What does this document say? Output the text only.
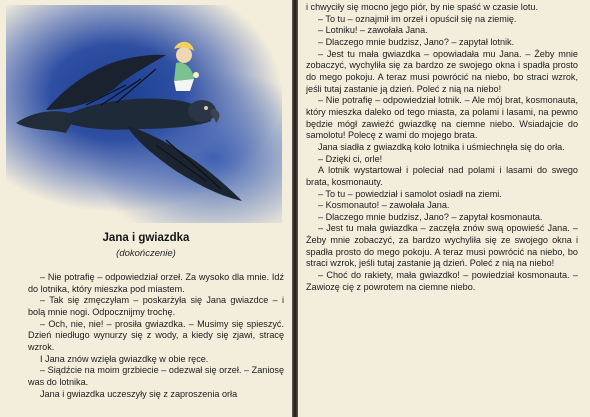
Jana i gwiazdka
(dokończenie)

– Nie potrafię – odpowiedział orzeł. Za wysoko dla mnie. Idź do lotnika, który mieszka pod miastem.

– Tak się zmęczyłam – poskarżyła się Jana gwiazdce – i bolą mnie nogi. Odpocznijmy trochę.

– Och, nie, nie! – prosiła gwiazdka. – Musimy się spieszyć. Dzień niedługo wynurzy się z wody, a kiedy się zjawi, stracę wzrok.

I Jana znów wzięła gwiazdkę w obie ręce.

– Siądźcie na moim grzbiecie – odezwał się orzeł. – Zaniosę was do lotnika.

Jana i gwiazdka uczeszyły się z zaproszenia orła

i chwyciły się mocno jego piór, by nie spaść w czasie lotu.

– To tu – oznajmił im orzeł i opuścił się na ziemię.

– Lotniku! – zawołała Jana.

– Dlaczego mnie budzisz, Jano? – zapytał lotnik.

– Jest tu mała gwiazdka – opowiadała mu Jana. – Żeby mnie zobaczyć, wychyliła się za bardzo ze swojego okna i spadła prosto do mego pokoju. A teraz musi powrócić na niebo, bo straci wzrok, jeśli tutaj zastanie ją dzień. Poleć z nią na niebo!

– Nie potrafię – odpowiedział lotnik. – Ale mój brat, kosmonauta, który mieszka daleko od tego miasta, za polami i lasami, na pewno będzie mógł zawieźć gwiazdkę na ciemne niebo. Wsiadajcie do samolotu! Polecę z wami do mojego brata.

Jana siadła z gwiazdką koło lotnika i uśmiechnęła się do orła.

– Dzięki ci, orle!

A lotnik wystartował i poleciał nad polami i lasami do swego brata, kosmonauty.

– To tu – powiedział i samolot osiadł na ziemi.

– Kosmonauto! – zawołała Jana.

– Dlaczego mnie budzisz, Jano? – zapytał kosmonauta.

– Jest tu mała gwiazdka – zaczęła znów swą opowieść Jana. – Żeby mnie zobaczyć, za bardzo wychyliła się ze swojego okna i spadła prosto do mego pokoju. A teraz musi powrócić na niebo, bo straci wzrok, jeśli tutaj zastanie ją dzień. Poleć z nią na niebo!

– Choć do rakiety, mała gwiazdko! – powiedział kosmonauta. – Zawiozę cię z powrotem na ciemne niebo.
